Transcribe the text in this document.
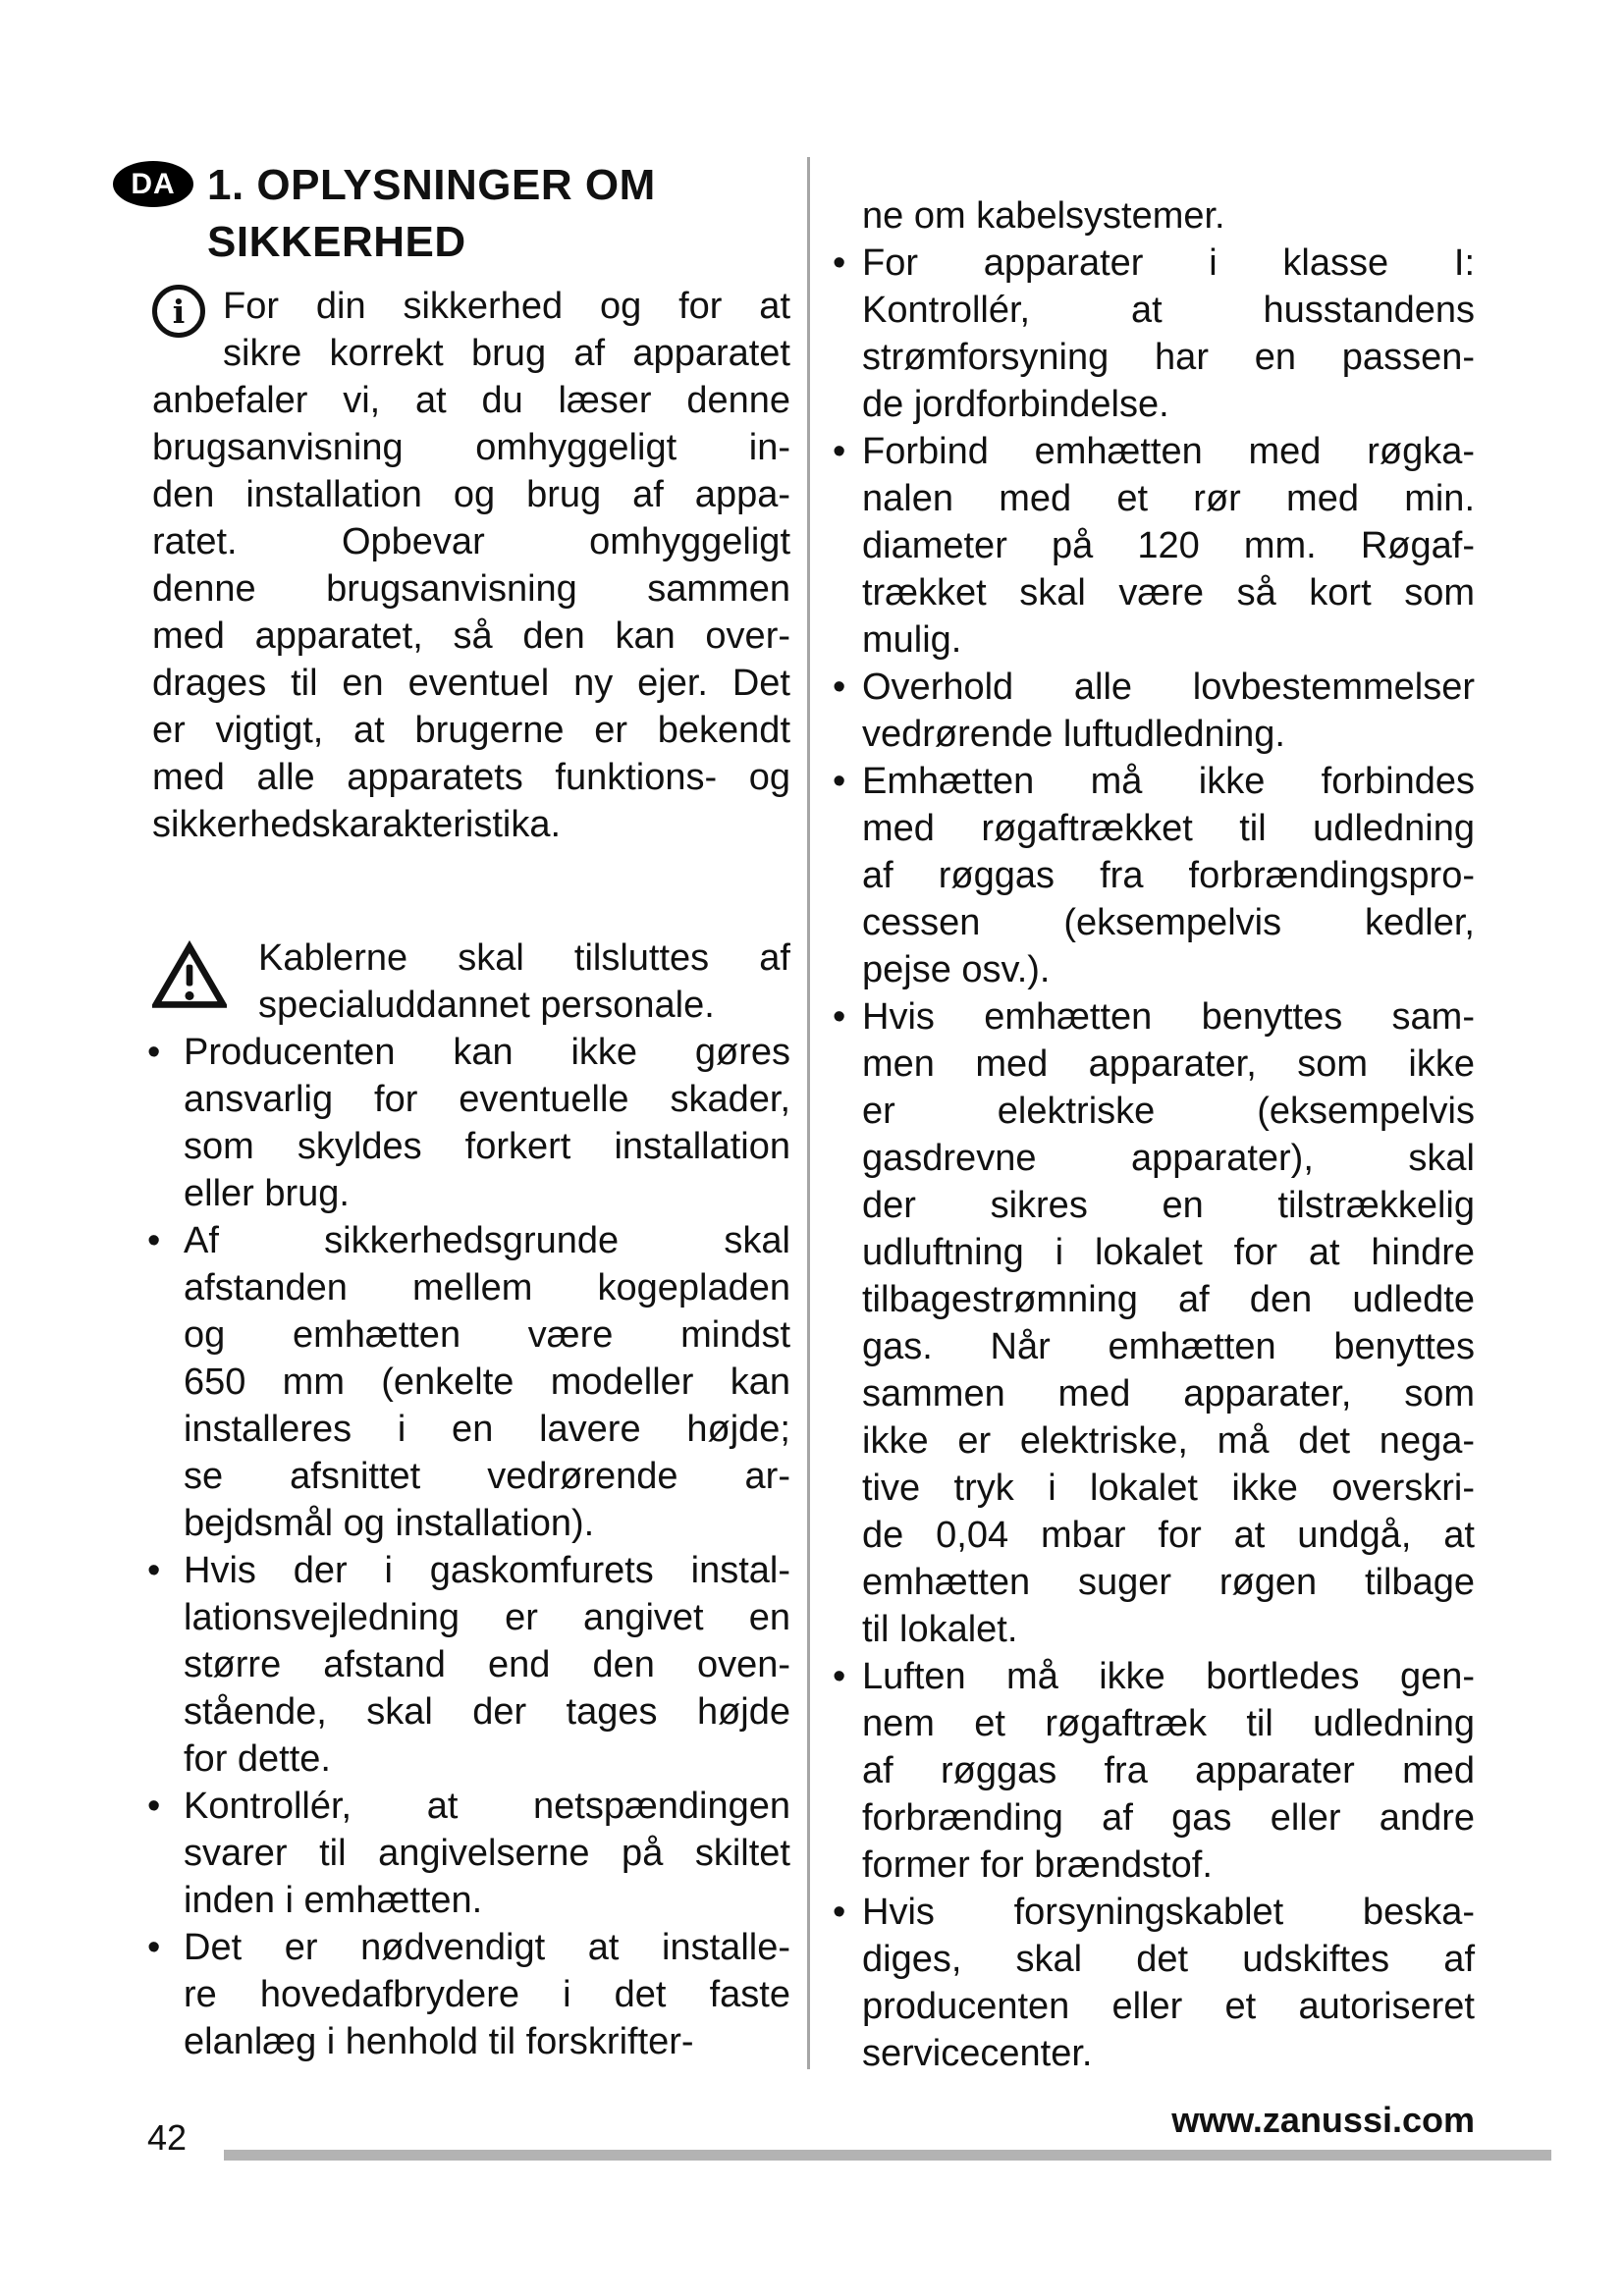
DA 1. OPLYSNINGER OM
SIKKERHED
i	For din sikkerhed og for at
sikre korrekt brug af apparatet
anbefaler vi, at du læser denne
brugsanvisning omhyggeligt in-
den installation og brug af appa-
ratet. Opbevar omhyggeligt
denne brugsanvisning sammen
med apparatet, så den kan over-
drages til en eventuel ny ejer. Det
er vigtigt, at brugerne er bekendt
med alle apparatets funktions- og
sikkerhedskarakteristika.
Kablerne skal tilsluttes af
specialuddannet personale.
• Producenten kan ikke gøres
ansvarlig for eventuelle skader,
som skyldes forkert installation
eller brug.
• Af sikkerhedsgrunde skal
afstanden mellem kogepladen
og emhætten være mindst
650 mm (enkelte modeller kan
installeres i en lavere højde;
se afsnittet vedrørende ar-
bejdsmål og installation).
• Hvis der i gaskomfurets instal-
lationsvejledning er angivet en
større afstand end den oven-
stående, skal der tages højde
for dette.
• Kontrollér, at netspændingen
svarer til angivelserne på skiltet
inden i emhætten.
• Det er nødvendigt at installe-
re hovedafbrydere i det faste
elanlæg i henhold til forskrifter-
ne om kabelsystemer.
• For apparater i klasse I:
Kontrollér, at husstandens
strømforsyning har en passen-
de jordforbindelse.
• Forbind emhætten med røgka-
nalen med et rør med min.
diameter på 120 mm. Røgaf-
trækket skal være så kort som
mulig.
• Overhold alle lovbestemmelser
vedrørende luftudledning.
• Emhætten må ikke forbindes
med røgaftrækket til udledning
af røggas fra forbrændingspro-
cessen (eksempelvis kedler,
pejse osv.).
• Hvis emhætten benyttes sam-
men med apparater, som ikke
er elektriske (eksempelvis
gasdrevne apparater), skal
der sikres en tilstrækkelig
udluftning i lokalet for at hindre
tilbagestrømning af den udledte
gas. Når emhætten benyttes
sammen med apparater, som
ikke er elektriske, må det nega-
tive tryk i lokalet ikke overskri-
de 0,04 mbar for at undgå, at
emhætten suger røgen tilbage
til lokalet.
• Luften må ikke bortledes gen-
nem et røgaftræk til udledning
af røggas fra apparater med
forbrænding af gas eller andre
former for brændstof.
• Hvis forsyningskablet beska-
diges, skal det udskiftes af
producenten eller et autoriseret
servicecenter.
42	www.zanussi.com
